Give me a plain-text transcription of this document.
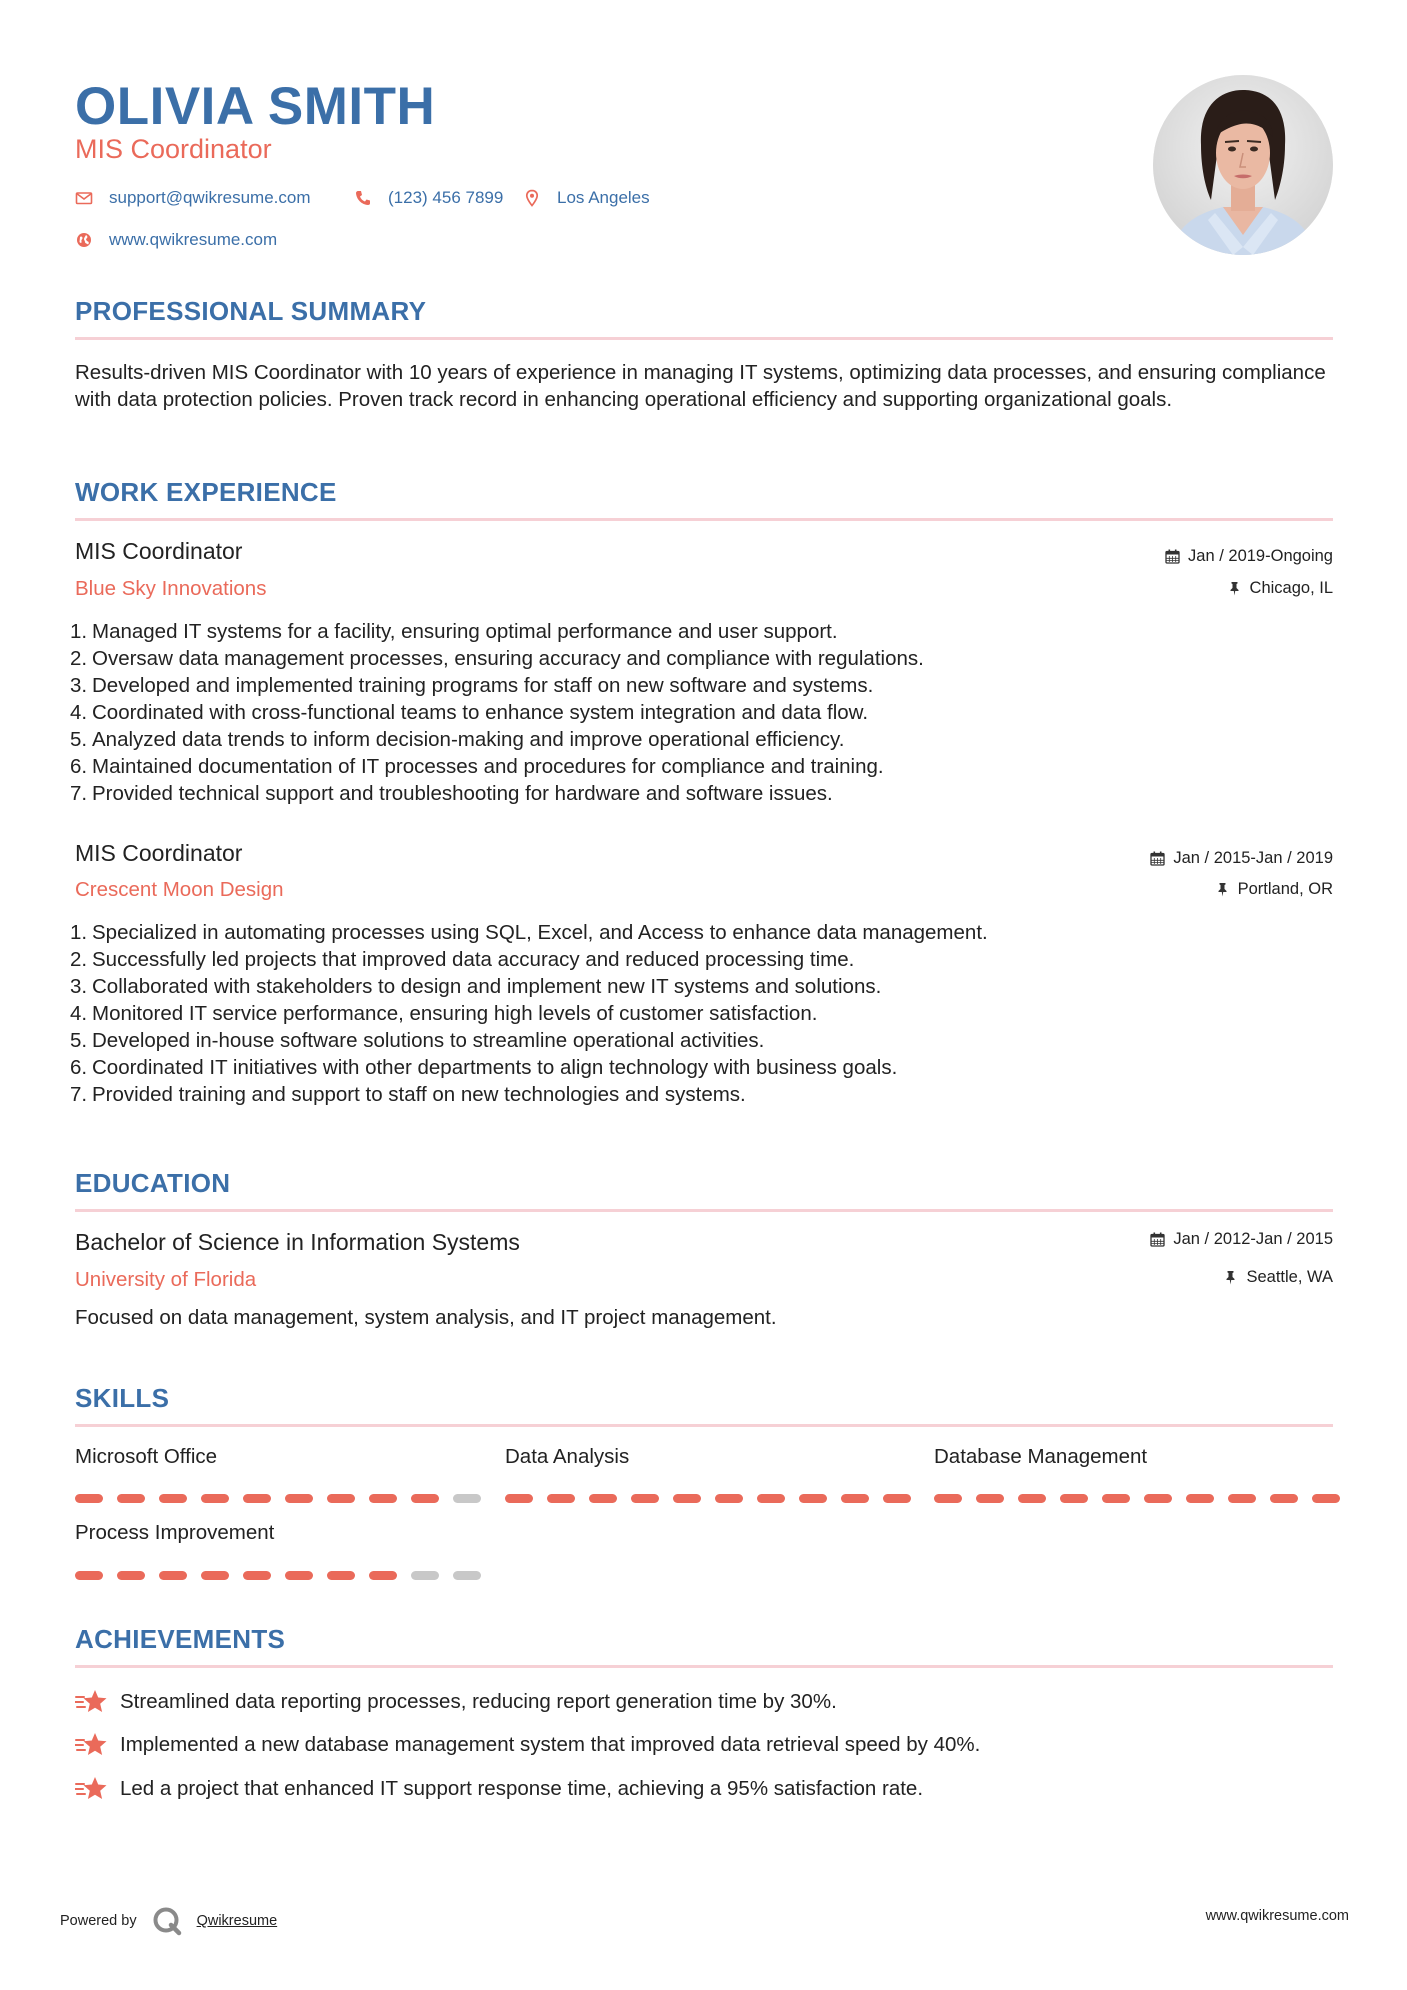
OLIVIA SMITH
MIS Coordinator
support@qwikresume.com	(123) 456 7899	Los Angeles
www.qwikresume.com
PROFESSIONAL SUMMARY
Results-driven MIS Coordinator with 10 years of experience in managing IT systems, optimizing data processes, and ensuring compliance with data protection policies. Proven track record in enhancing operational efficiency and supporting organizational goals.
WORK EXPERIENCE
MIS Coordinator
Blue Sky Innovations
Jan / 2019-Ongoing
Chicago, IL
1. Managed IT systems for a facility, ensuring optimal performance and user support.
2. Oversaw data management processes, ensuring accuracy and compliance with regulations.
3. Developed and implemented training programs for staff on new software and systems.
4. Coordinated with cross-functional teams to enhance system integration and data flow.
5. Analyzed data trends to inform decision-making and improve operational efficiency.
6. Maintained documentation of IT processes and procedures for compliance and training.
7. Provided technical support and troubleshooting for hardware and software issues.
MIS Coordinator
Crescent Moon Design
Jan / 2015-Jan / 2019
Portland, OR
1. Specialized in automating processes using SQL, Excel, and Access to enhance data management.
2. Successfully led projects that improved data accuracy and reduced processing time.
3. Collaborated with stakeholders to design and implement new IT systems and solutions.
4. Monitored IT service performance, ensuring high levels of customer satisfaction.
5. Developed in-house software solutions to streamline operational activities.
6. Coordinated IT initiatives with other departments to align technology with business goals.
7. Provided training and support to staff on new technologies and systems.
EDUCATION
Bachelor of Science in Information Systems
University of Florida
Jan / 2012-Jan / 2015
Seattle, WA
Focused on data management, system analysis, and IT project management.
SKILLS
Microsoft Office	Data Analysis	Database Management
Process Improvement
ACHIEVEMENTS
Streamlined data reporting processes, reducing report generation time by 30%.
Implemented a new database management system that improved data retrieval speed by 40%.
Led a project that enhanced IT support response time, achieving a 95% satisfaction rate.
Powered by	Qwikresume	www.qwikresume.com
